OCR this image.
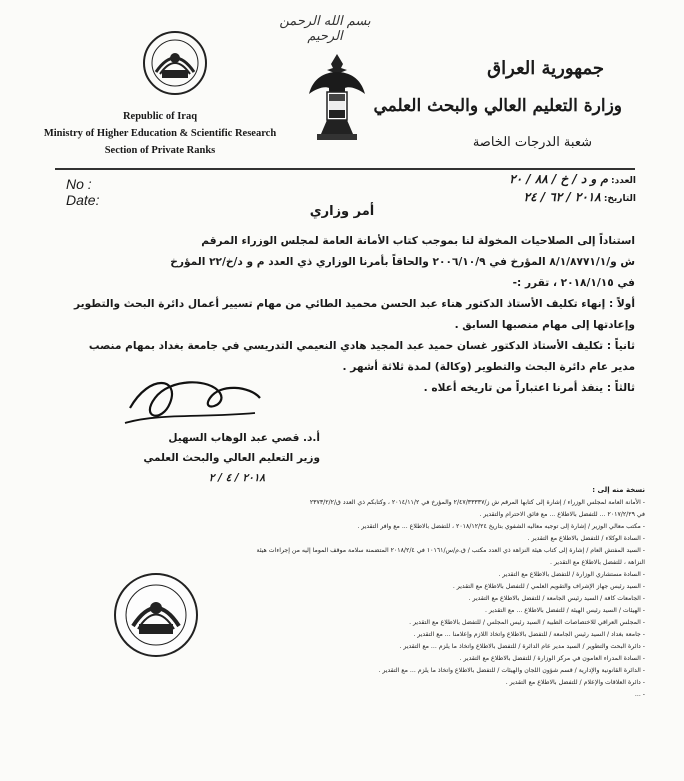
بسم الله الرحمن الرحيم
Republic of Iraq
Ministry of Higher Education & Scientific Research
Section of Private Ranks
جمهورية العراق
وزارة التعليم العالي والبحث العلمي
شعبة الدرجات الخاصة
No :
Date:
العدد: م و د / خ / ٨٨ / ٢٠
التاريخ: ٢٠١٨ / ٦٢ / ٢٤
أمر وزاري
استناداً إلى الصلاحيات المخولة لنا بموجب كتاب الأمانة العامة لمجلس الوزراء المرقم
ش و/٨/١/٨٧٧١/١ المؤرخ في ٢٠٠٦/١٠/٩ والحاقاً بأمرنا الوزاري ذي العدد م و د/خ/٢٢ المؤرخ
في ٢٠١٨/١/١٥ ، تقرر :-
أولاً : إنهاء تكليف الأستاذ الدكتور هناء عبد الحسن محميد الطائي من مهام تسيير أعمال دائرة البحث والتطوير
وإعادتها إلى مهام منصبها السابق .
ثانياً : تكليف الأستاذ الدكتور غسان حميد عبد المجيد هادي النعيمي التدريسي في جامعة بغداد بمهام منصب
مدير عام دائرة البحث والتطوير (وكالة) لمدة ثلاثة أشهر .
ثالثاً : ينفذ أمرنا اعتباراً من تاريخه أعلاه .
أ.د. قصي عبد الوهاب السهيل
وزير التعليم العالي والبحث العلمي
٢٠١٨ / ٤ / ٢
نسخة منه إلى :
- الأمانة العامة لمجلس الوزراء / إشارة إلى كتابها المرقم ش ز/٢/٤٧/٣٣٣٣٧ والمؤرخ في ٢٠١٤/١١/٢ ، وكتابكم ذي العدد ق/٢٣٧٣/٢/٢
في ٢٠١٧/٢/٢٩ ... للتفضل بالاطلاع ... مع فائق الاحترام والتقدير .
- مكتب معالي الوزير / إشارة إلى توجيه معاليه الشفوي بتاريخ ٢٠١٨/١٢/٢٤ ، للتفضل بالاطلاع ... مع وافر التقدير .
- السادة الوكلاء / للتفضل بالاطلاع مع التقدير .
- السيد المفتش العام / إشارة إلى كتاب هيئة النزاهة ذي العدد مكتب / ق.م/س/١٠١٦١ في ٢٠١٨/٢/٤ المتضمنة سلامة موقف الموما إليه من إجراءات هيئة
النزاهة ، للتفضل بالاطلاع مع التقدير .
- السادة مستشاري الوزارة / للتفضل بالاطلاع مع التقدير .
- السيد رئيس جهاز الإشراف والتقويم العلمي / للتفضل بالاطلاع مع التقدير .
- الجامعات كافة / السيد رئيس الجامعة / للتفضل بالاطلاع مع التقدير .
- الهيئات / السيد رئيس الهيئة / للتفضل بالاطلاع ... مع التقدير .
- المجلس العراقي للاختصاصات الطبية / السيد رئيس المجلس / للتفضل بالاطلاع مع التقدير .
- جامعة بغداد / السيد رئيس الجامعة / للتفضل بالاطلاع واتخاذ اللازم وإعلامنا ... مع التقدير .
- دائرة البحث والتطوير / السيد مدير عام الدائرة / للتفضل بالاطلاع واتخاذ ما يلزم ... مع التقدير .
- السادة المدراء العامون في مركز الوزارة / للتفضل بالاطلاع مع التقدير .
- الدائرة القانونية والإدارية / قسم شؤون اللجان والهيئات / للتفضل بالاطلاع واتخاذ ما يلزم ... مع التقدير .
- دائرة العلاقات والإعلام / للتفضل بالاطلاع مع التقدير .
- ...
